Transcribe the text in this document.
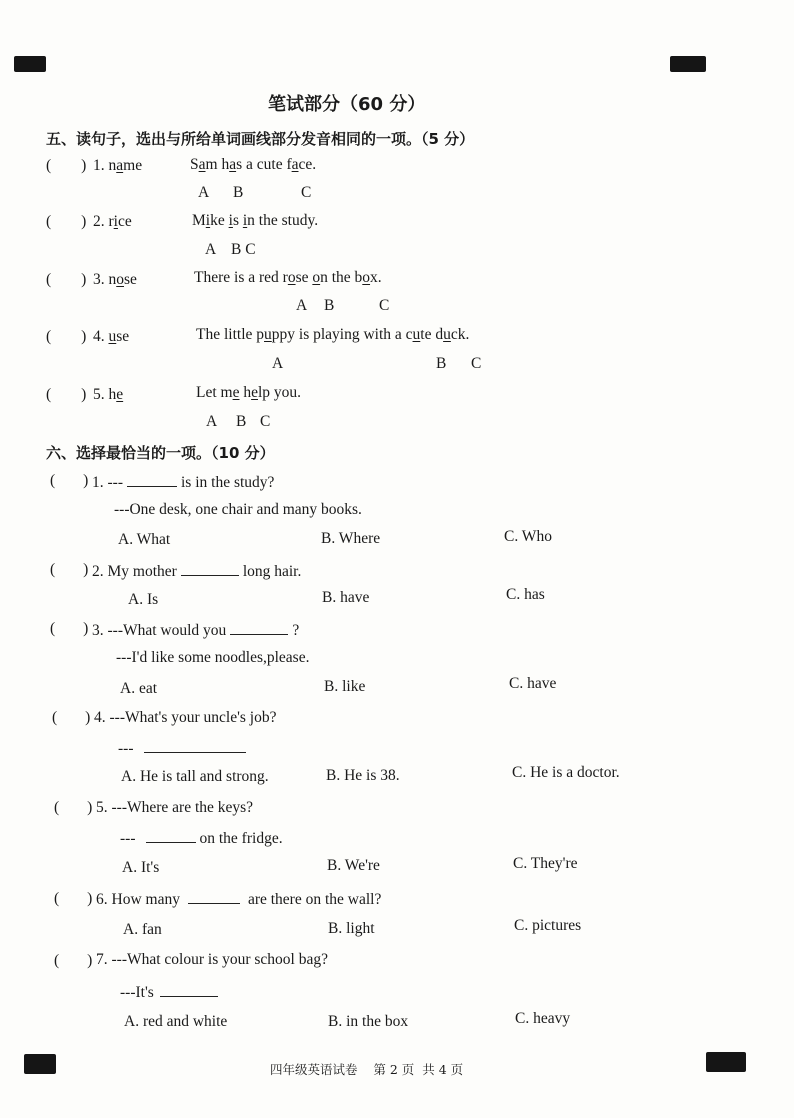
笔试部分（60 分）
五、读句子，选出与所给单词画线部分发音相同的一项。（5 分）
( ) 1. name	Sam has a cute face.
A B	C
( ) 2. rice	Mike is in the study.
A B C
( ) 3. nose	There is a red rose on the box.
A B	C
( ) 4. use	The little puppy is playing with a cute duck.
A	B C
( ) 5. he	Let me help you.
A B C
六、选择最恰当的一项。（10 分）
( ) 1. ---	is in the study?
---One desk, one chair and many books.
A. What	B. Where	C. Who
( ) 2. My mother	long hair.
A. Is	B. have	C. has
( ) 3. ---What would you	?
---I'd like some noodles,please.
A. eat	B. like	C. have
( ) 4. ---What's your uncle's job?
---
A. He is tall and strong.	B. He is 38.	C. He is a doctor.
( ) 5. ---Where are the keys?
---	on the fridge.
A. It's	B. We're	C. They're
( ) 6. How many	are there on the wall?
A. fan	B. light	C. pictures
( ) 7. ---What colour is your school bag?
---It's
A. red and white	B. in the box	C. heavy
四年级英语试卷    第 2 页  共 4 页
